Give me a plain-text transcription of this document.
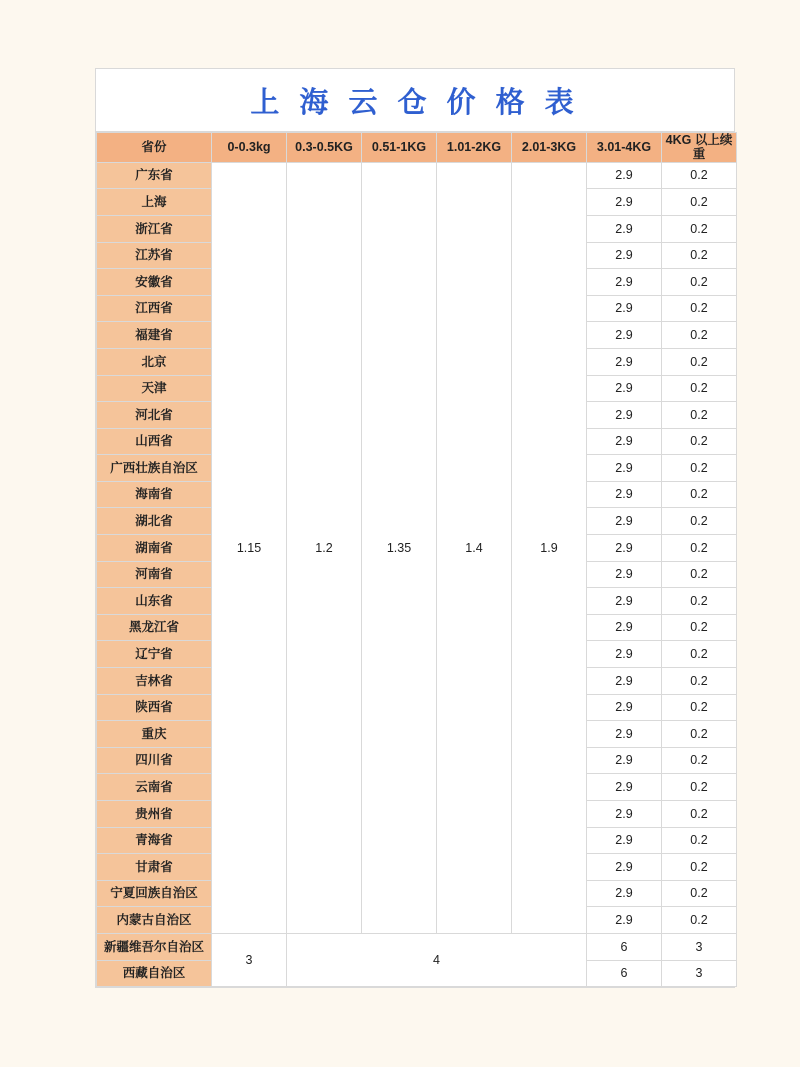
上 海 云 仓 价 格 表
省份	0-0.3kg	0.3-0.5KG	0.51-1KG	1.01-2KG	2.01-3KG	3.01-4KG	4KG 以上续重
广东省	1.15	1.2	1.35	1.4	1.9	2.9	0.2
上海						2.9	0.2
浙江省						2.9	0.2
江苏省						2.9	0.2
安徽省						2.9	0.2
江西省						2.9	0.2
福建省						2.9	0.2
北京						2.9	0.2
天津						2.9	0.2
河北省						2.9	0.2
山西省						2.9	0.2
广西壮族自治区						2.9	0.2
海南省						2.9	0.2
湖北省						2.9	0.2
湖南省						2.9	0.2
河南省						2.9	0.2
山东省						2.9	0.2
黑龙江省						2.9	0.2
辽宁省						2.9	0.2
吉林省						2.9	0.2
陕西省						2.9	0.2
重庆						2.9	0.2
四川省						2.9	0.2
云南省						2.9	0.2
贵州省						2.9	0.2
青海省						2.9	0.2
甘肃省						2.9	0.2
宁夏回族自治区						2.9	0.2
内蒙古自治区						2.9	0.2
新疆维吾尔自治区	3	4				6	3
西藏自治区						6	3
